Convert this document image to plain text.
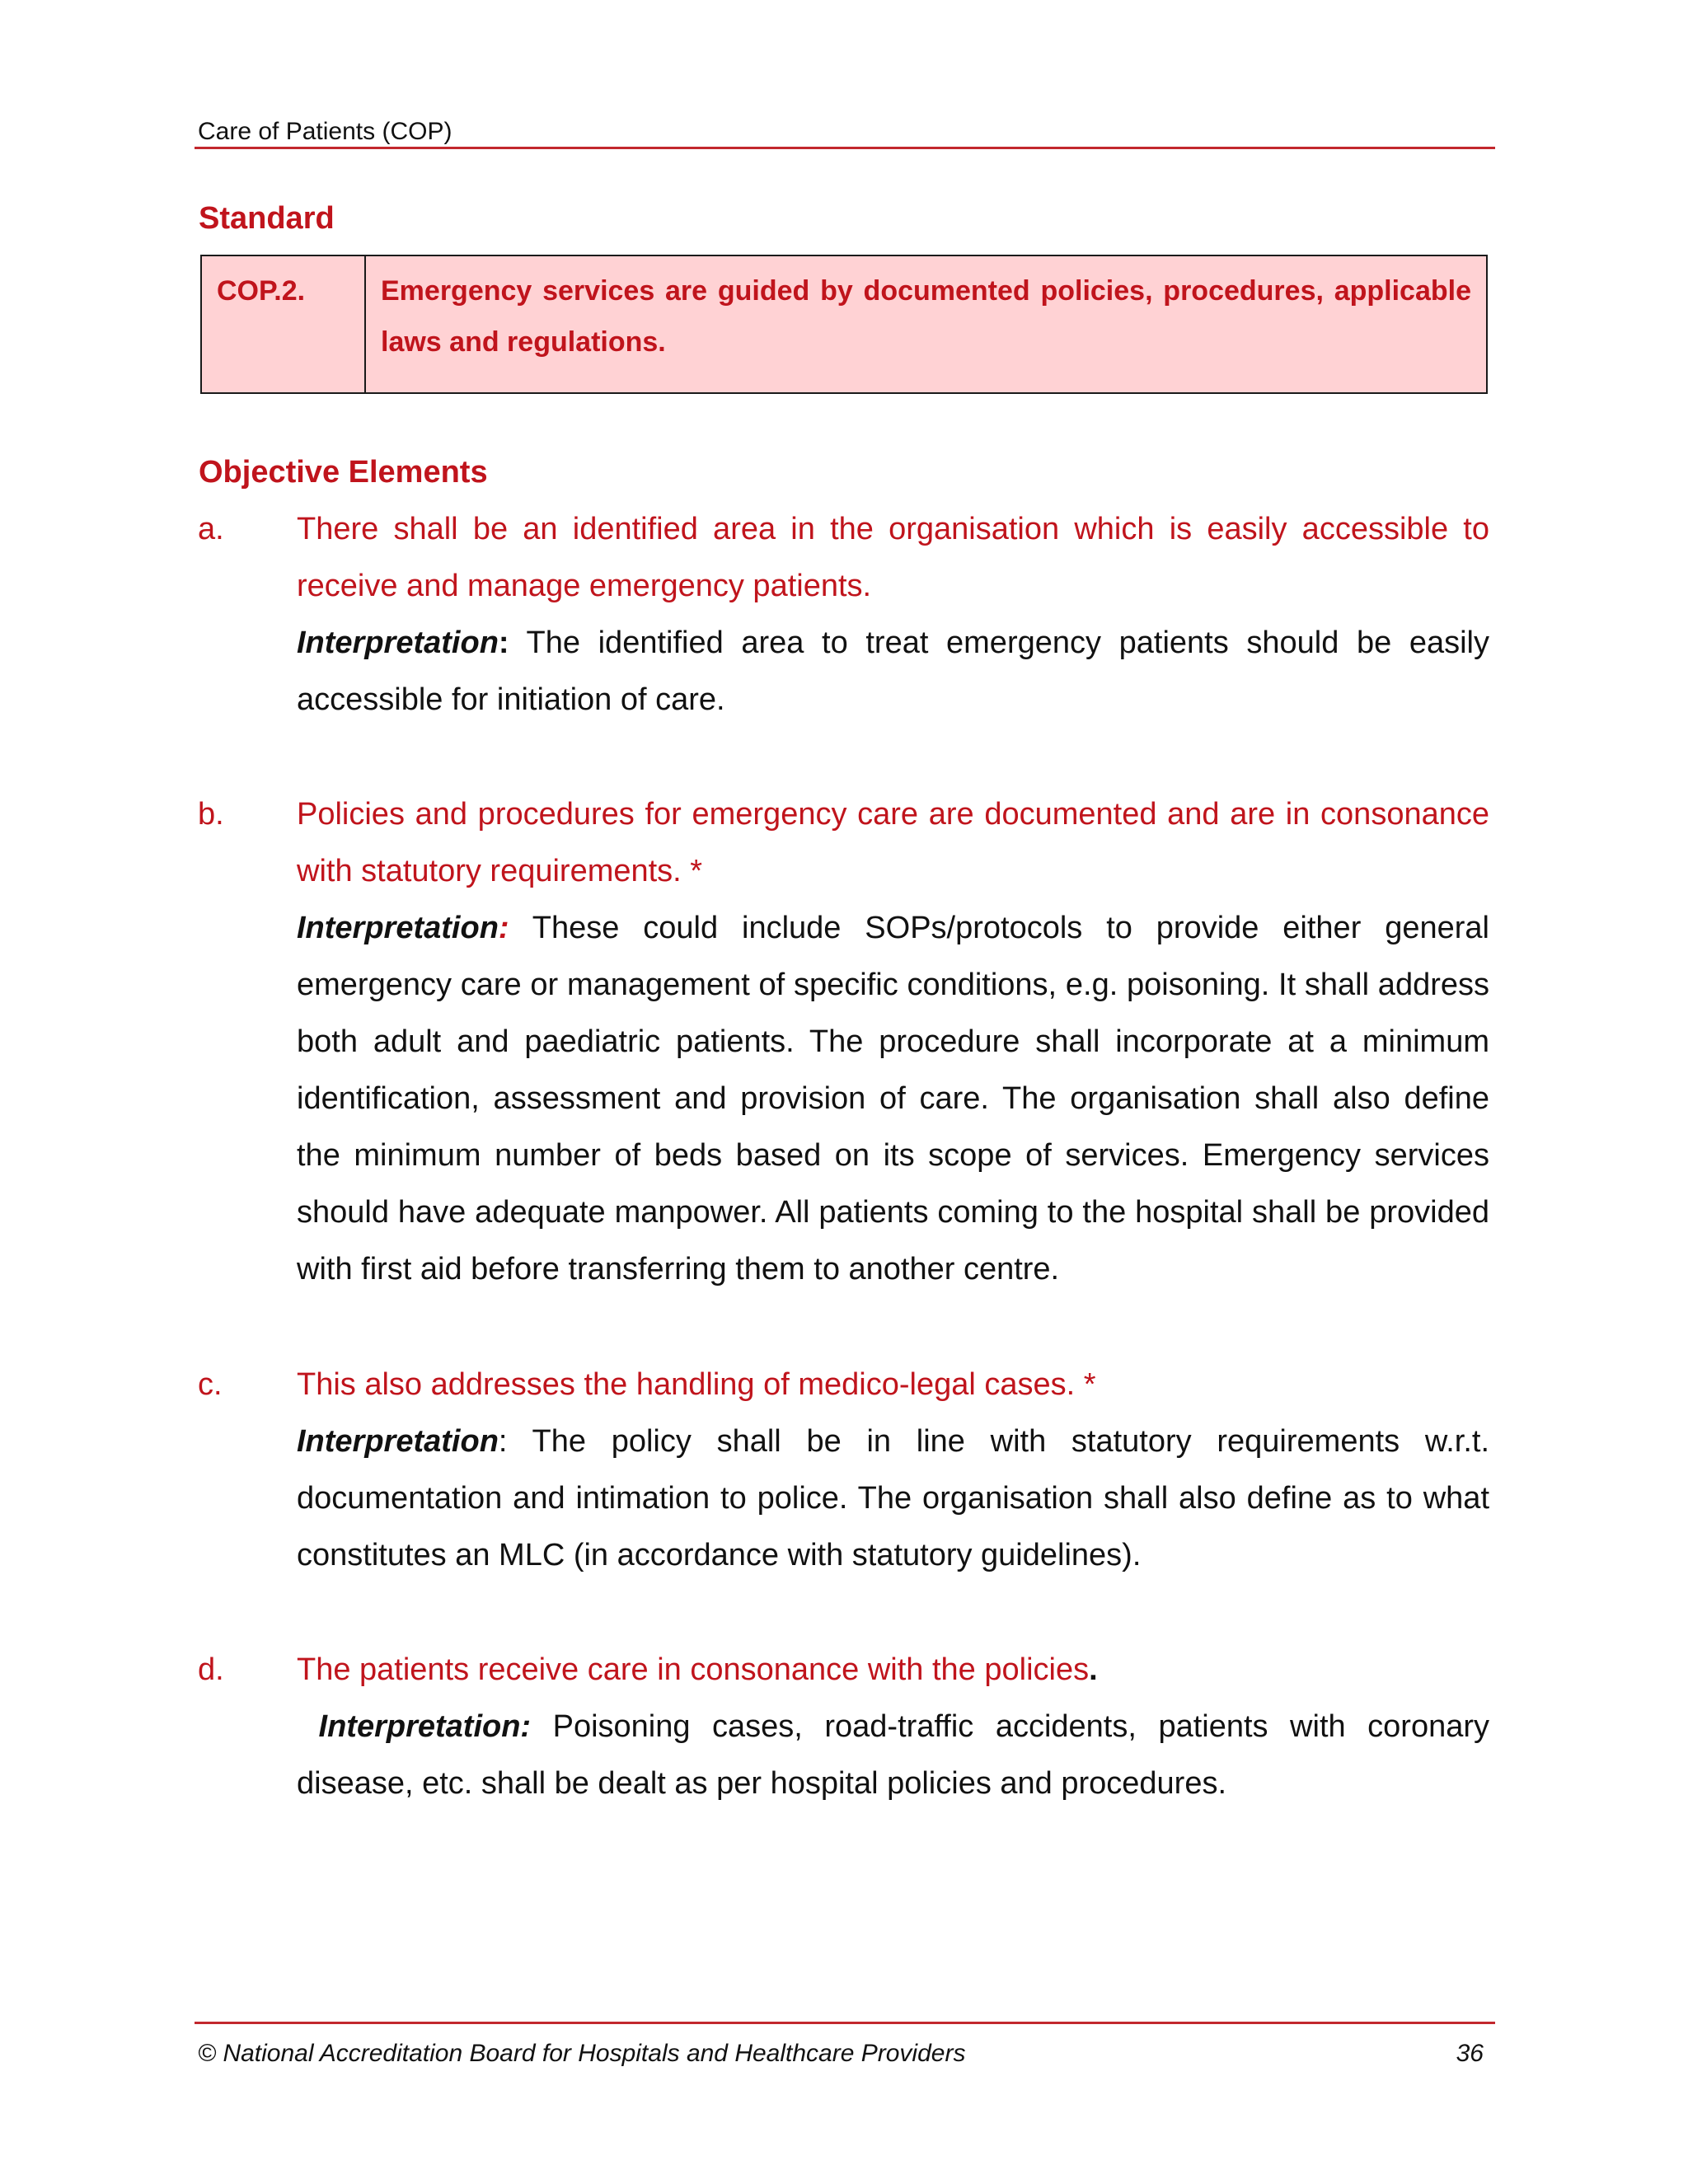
Care of Patients (COP)
Standard
COP.2.	Emergency services are guided by documented policies, procedures, applicable laws and regulations.
Objective Elements
a. There shall be an identified area in the organisation which is easily accessible to receive and manage emergency patients.
Interpretation: The identified area to treat emergency patients should be easily accessible for initiation of care.
b. Policies and procedures for emergency care are documented and are in consonance with statutory requirements. *
Interpretation: These could include SOPs/protocols to provide either general emergency care or management of specific conditions, e.g. poisoning. It shall address both adult and paediatric patients. The procedure shall incorporate at a minimum identification, assessment and provision of care. The organisation shall also define the minimum number of beds based on its scope of services. Emergency services should have adequate manpower. All patients coming to the hospital shall be provided with first aid before transferring them to another centre.
c. This also addresses the handling of medico-legal cases. *
Interpretation: The policy shall be in line with statutory requirements w.r.t. documentation and intimation to police. The organisation shall also define as to what constitutes an MLC (in accordance with statutory guidelines).
d. The patients receive care in consonance with the policies.
Interpretation: Poisoning cases, road-traffic accidents, patients with coronary disease, etc. shall be dealt as per hospital policies and procedures.
© National Accreditation Board for Hospitals and Healthcare Providers	36
